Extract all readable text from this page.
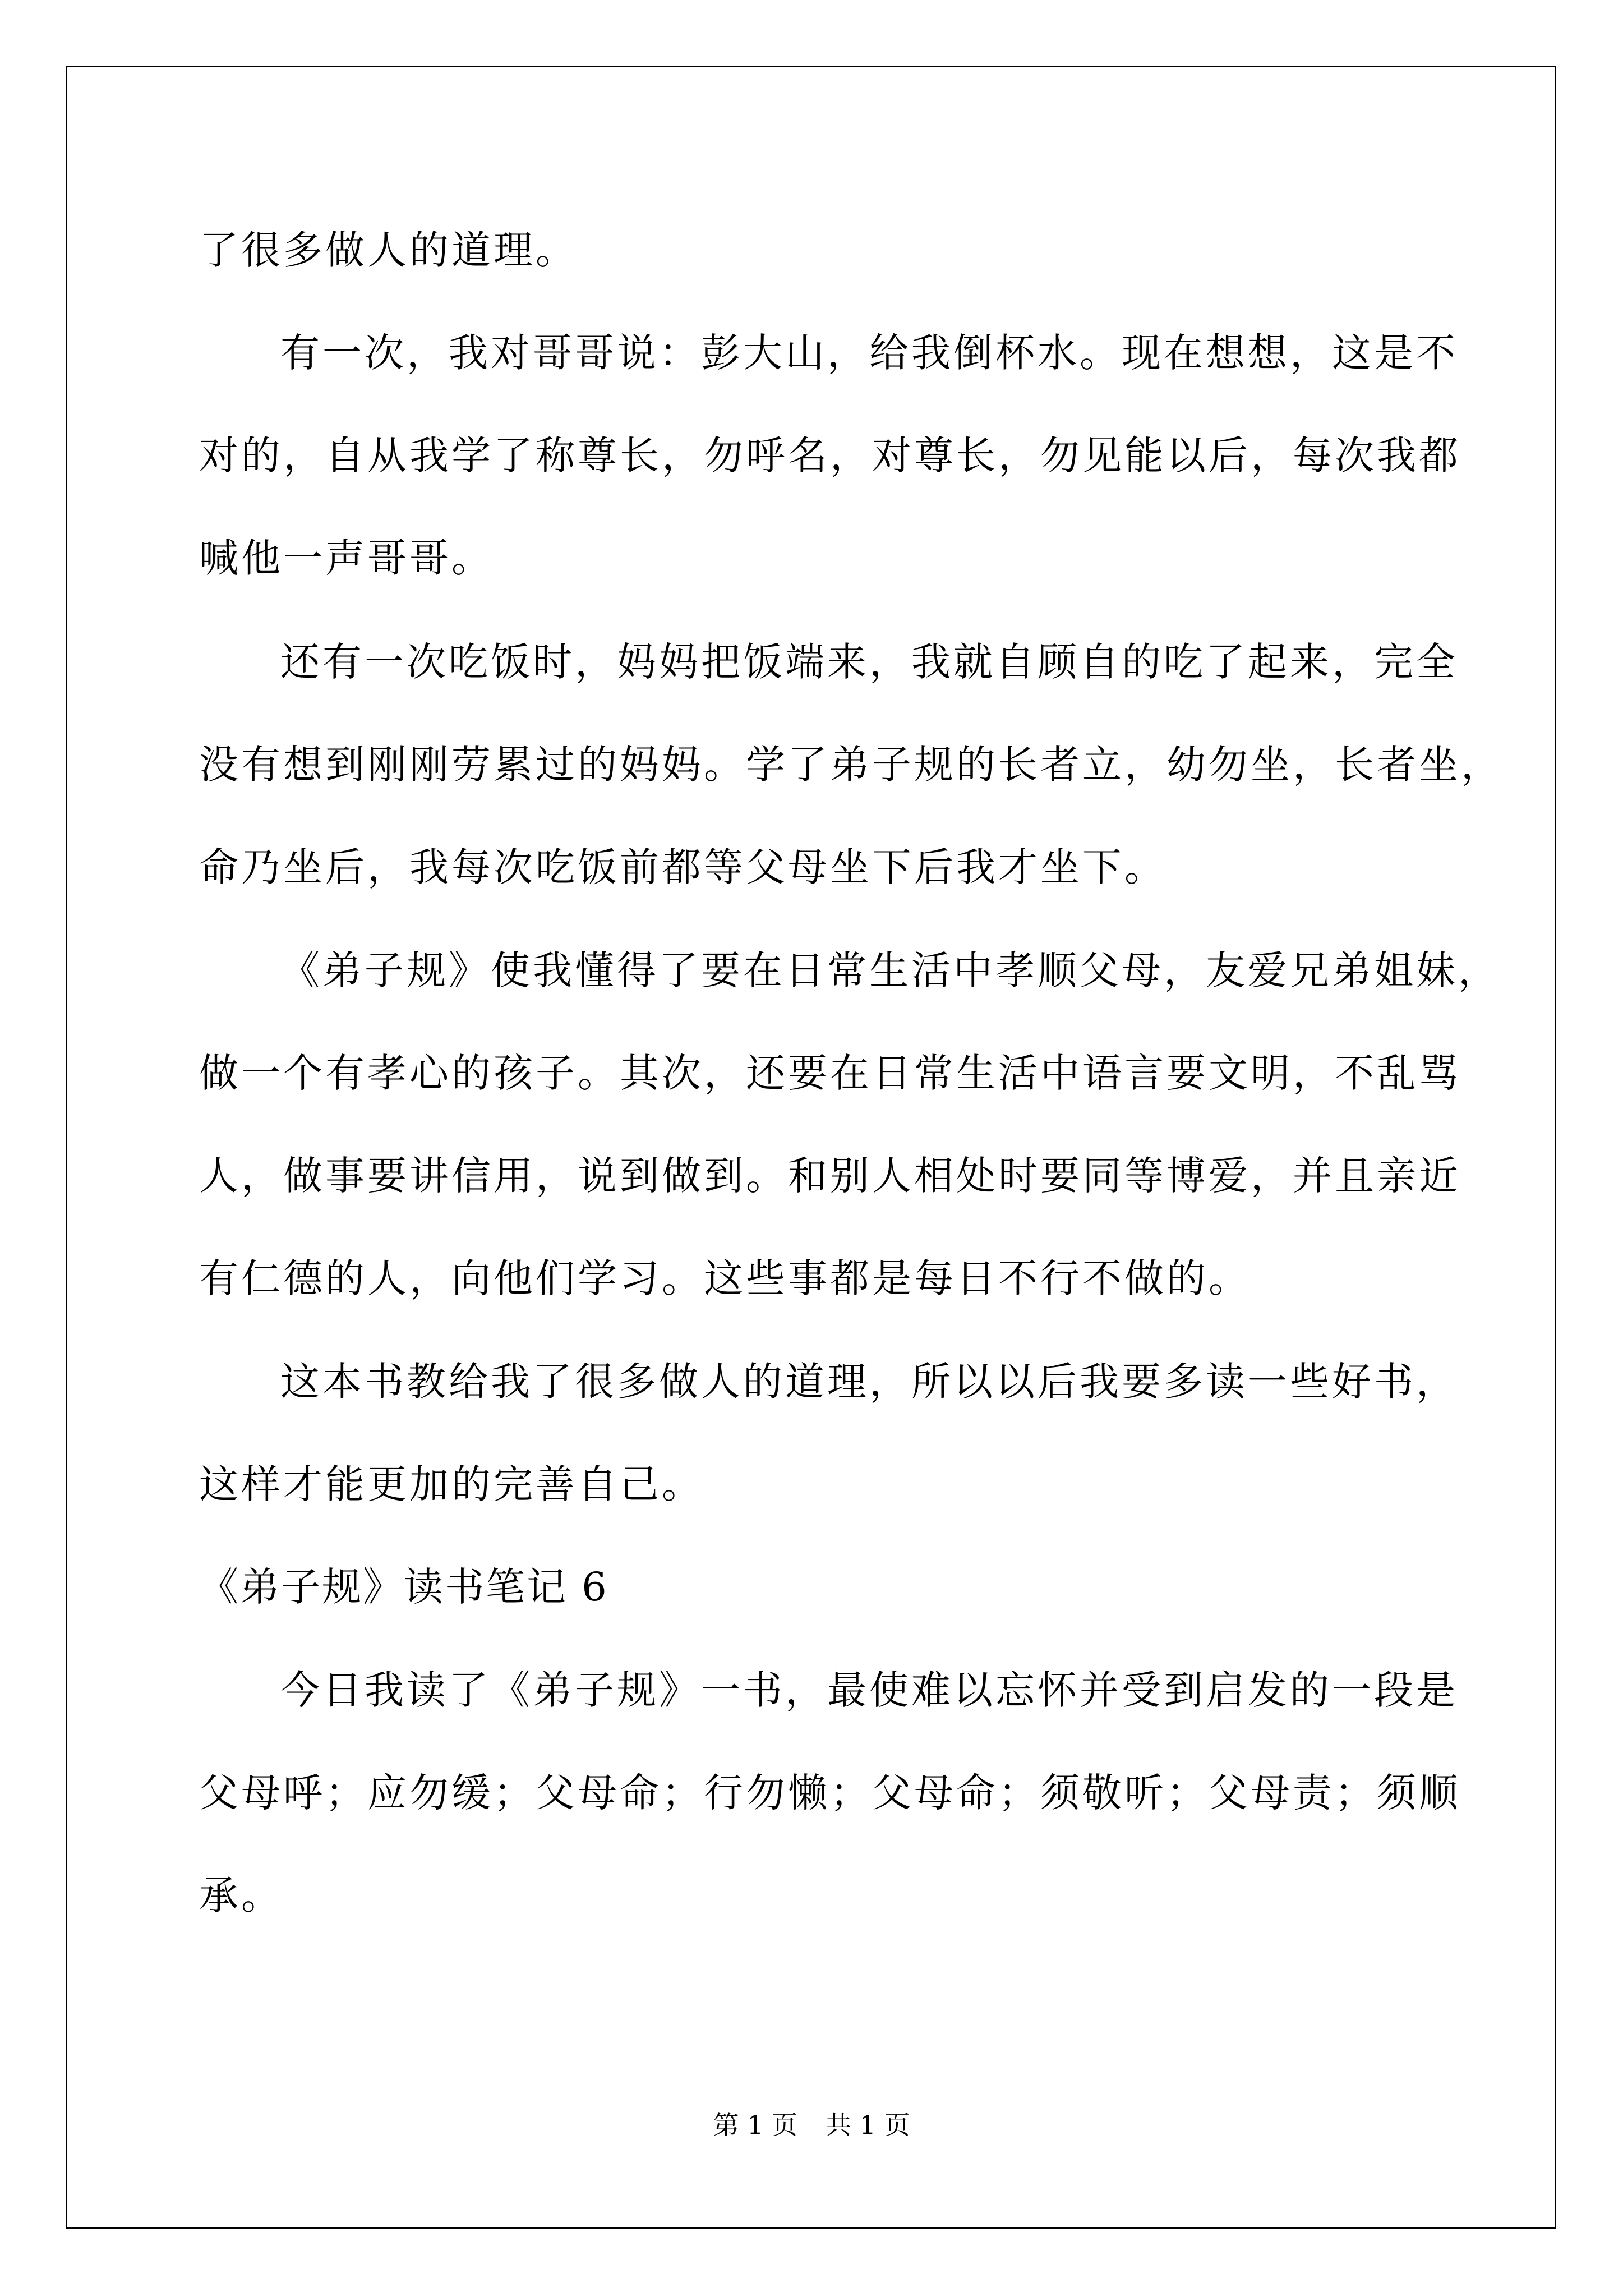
了很多做人的道理。
有一次，我对哥哥说：彭大山，给我倒杯水。现在想想，这是不
对的，自从我学了称尊长，勿呼名，对尊长，勿见能以后，每次我都
喊他一声哥哥。
还有一次吃饭时，妈妈把饭端来，我就自顾自的吃了起来，完全
没有想到刚刚劳累过的妈妈。学了弟子规的长者立，幼勿坐，长者坐，
命乃坐后，我每次吃饭前都等父母坐下后我才坐下。
《弟子规》使我懂得了要在日常生活中孝顺父母，友爱兄弟姐妹，
做一个有孝心的孩子。其次，还要在日常生活中语言要文明，不乱骂
人，做事要讲信用，说到做到。和别人相处时要同等博爱，并且亲近
有仁德的人，向他们学习。这些事都是每日不行不做的。
这本书教给我了很多做人的道理，所以以后我要多读一些好书，
这样才能更加的完善自己。
《弟子规》读书笔记 6
今日我读了《弟子规》一书，最使难以忘怀并受到启发的一段是
父母呼；应勿缓；父母命；行勿懒；父母命；须敬听；父母责；须顺
承。
第 1 页 共 1 页
